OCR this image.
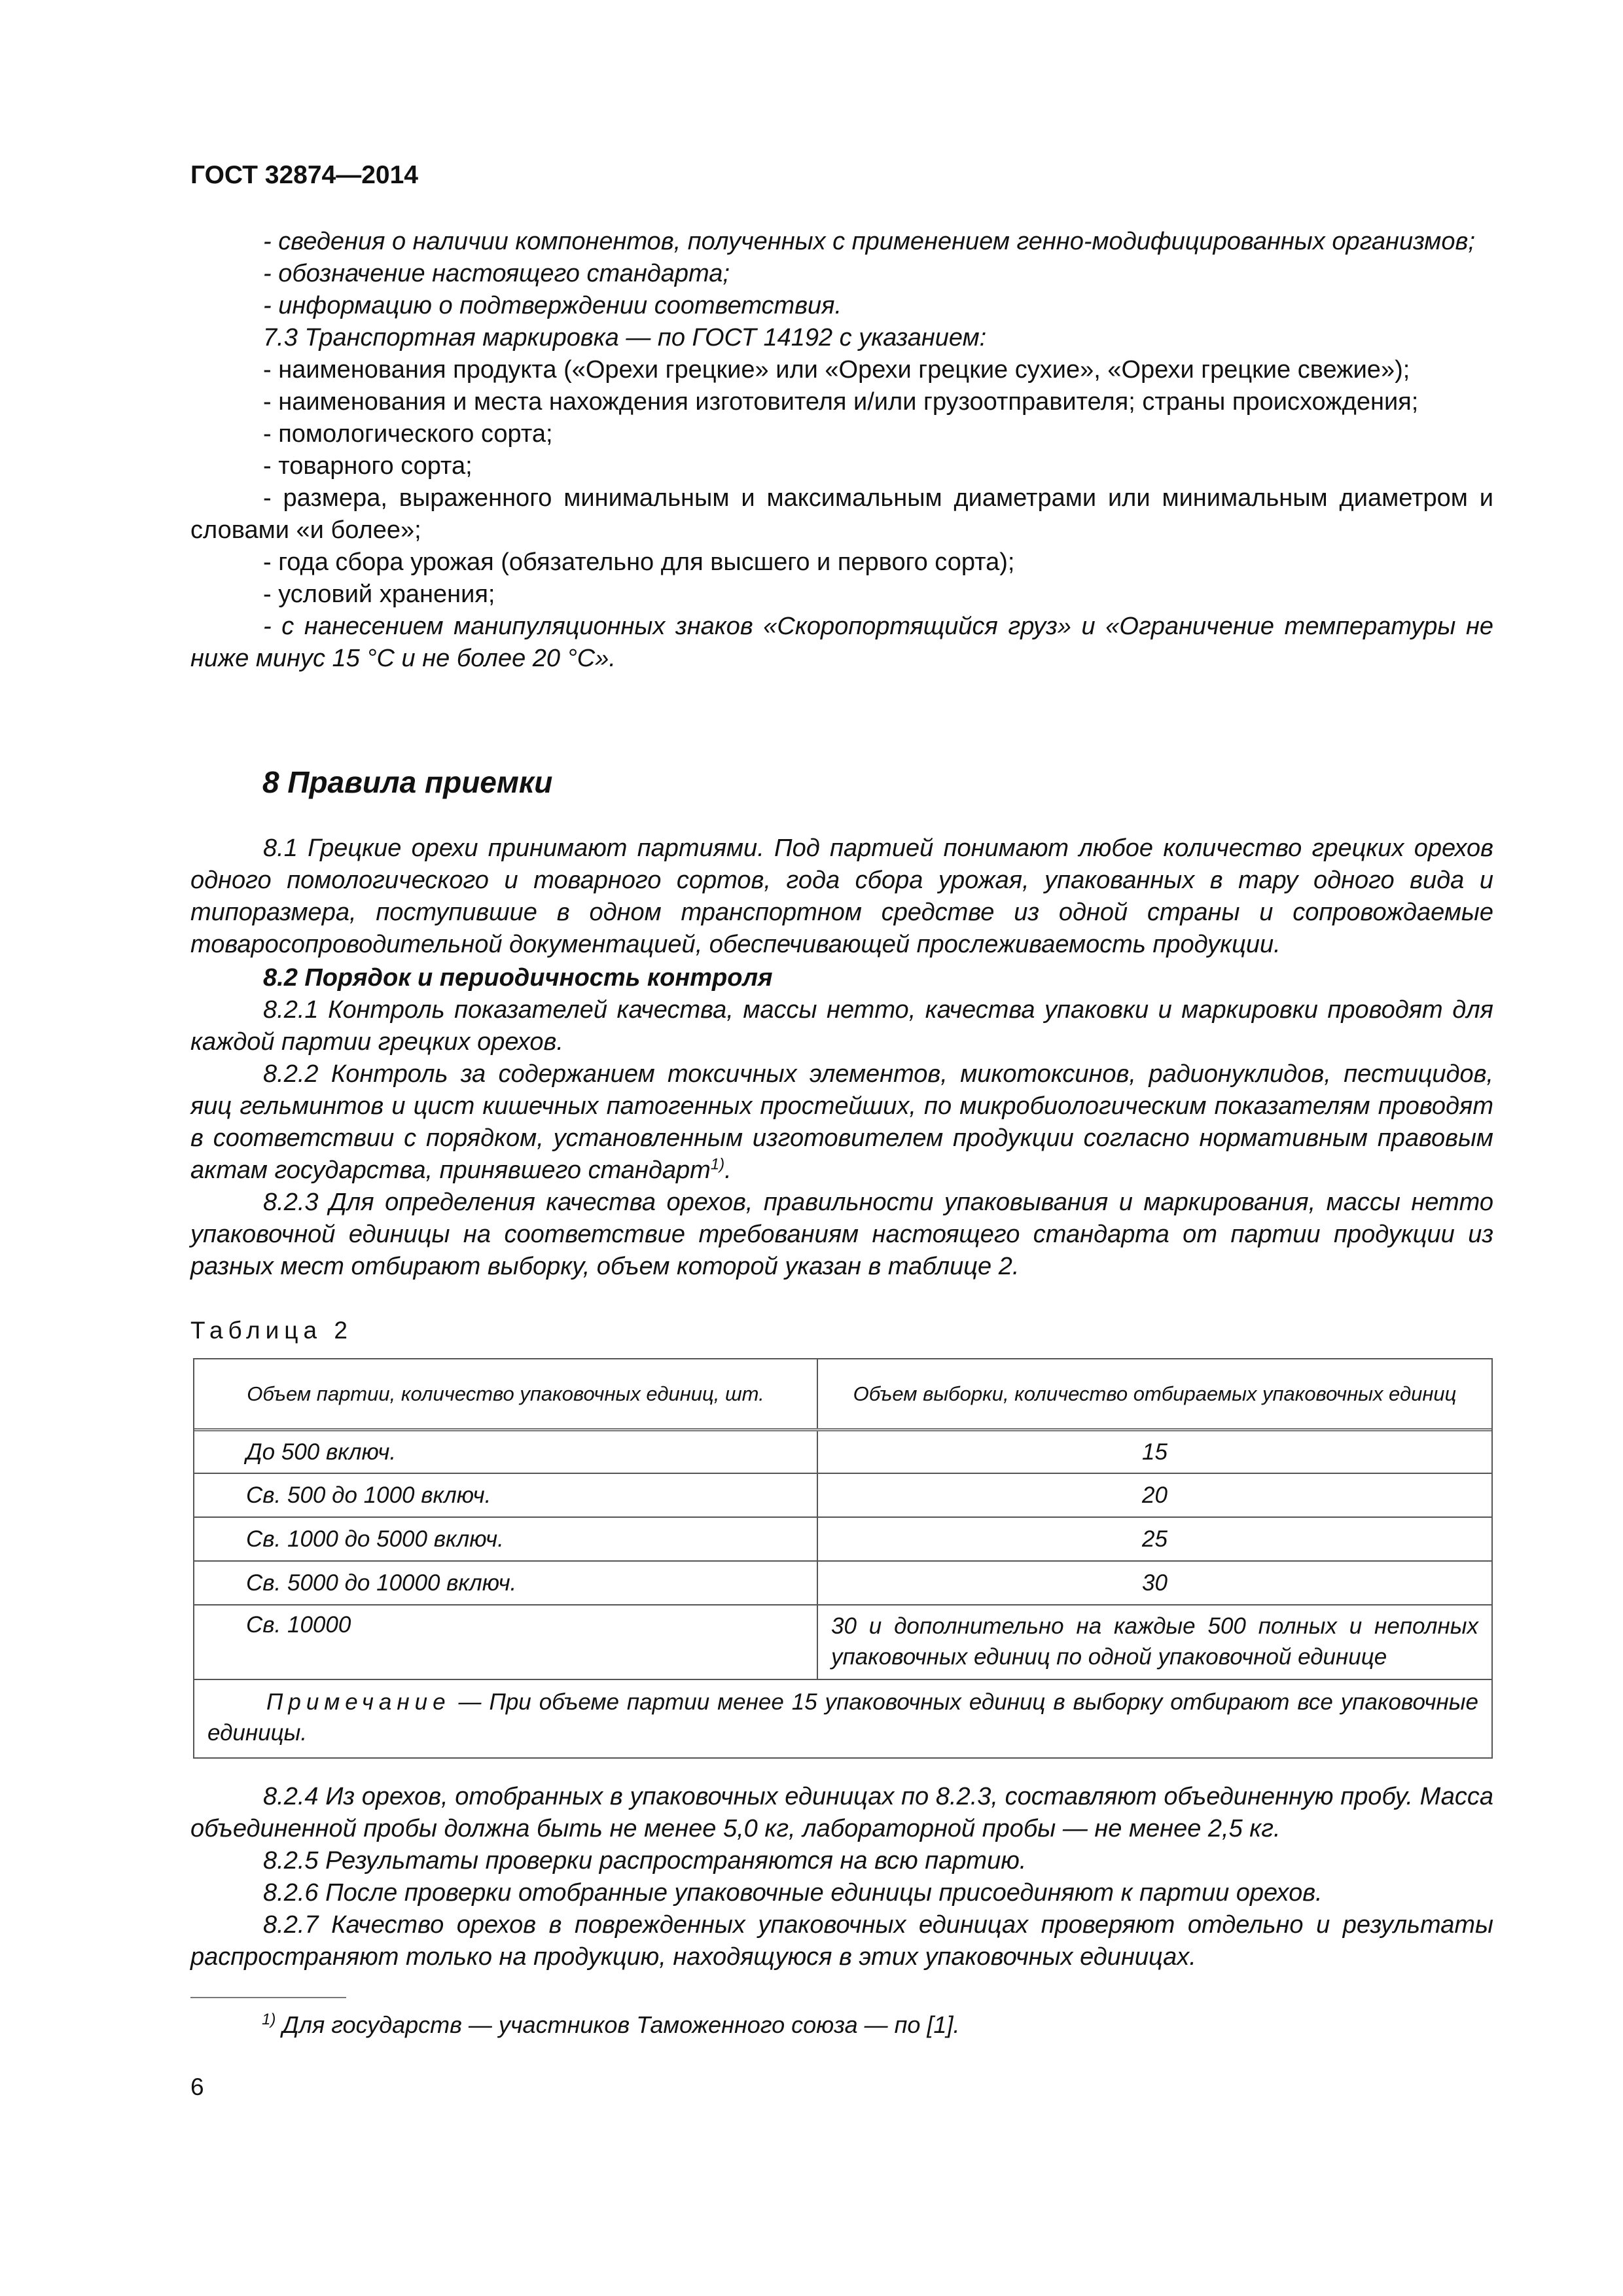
ГОСТ 32874—2014

- сведения о наличии компонентов, полученных с применением генно-модифицированных организмов;

- обозначение настоящего стандарта;

- информацию о подтверждении соответствия.

7.3 Транспортная маркировка — по ГОСТ 14192 с указанием:

- наименования продукта («Орехи грецкие» или «Орехи грецкие сухие», «Орехи грецкие свежие»);

- наименования и места нахождения изготовителя и/или грузоотправителя; страны происхождения;

- помологического сорта;

- товарного сорта;

- размера, выраженного минимальным и максимальным диаметрами или минимальным диаметром и словами «и более»;

- года сбора урожая (обязательно для высшего и первого сорта);

- условий хранения;

- с нанесением манипуляционных знаков «Скоропортящийся груз» и «Ограничение температуры не ниже минус 15 °С и не более 20 °С».

8 Правила приемки

8.1 Грецкие орехи принимают партиями. Под партией понимают любое количество грецких орехов одного помологического и товарного сортов, года сбора урожая, упакованных в тару одного вида и типоразмера, поступившие в одном транспортном средстве из одной страны и сопровождаемые товаросопроводительной документацией, обеспечивающей прослеживаемость продукции.

8.2 Порядок и периодичность контроля

8.2.1 Контроль показателей качества, массы нетто, качества упаковки и маркировки проводят для каждой партии грецких орехов.

8.2.2 Контроль за содержанием токсичных элементов, микотоксинов, радионуклидов, пестицидов, яиц гельминтов и цист кишечных патогенных простейших, по микробиологическим показателям проводят в соответствии с порядком, установленным изготовителем продукции согласно нормативным правовым актам государства, принявшего стандарт$^{1)}$.

8.2.3 Для определения качества орехов, правильности упаковывания и маркирования, массы нетто упаковочной единицы на соответствие требованиям настоящего стандарта от партии продукции из разных мест отбирают выборку, объем которой указан в таблице 2.

Таблица 2
Объем партии, количество упаковочных единиц, шт.	Объем выборки, количество отбираемых упаковочных единиц
До 500 включ.	15
Св. 500 до 1000 включ.	20
Св. 1000 до 5000 включ.	25
Св. 5000 до 10000 включ.	30
Св. 10000	30 и дополнительно на каждые 500 полных и неполных упаковочных единиц по одной упаковочной единице
Примечание — При объеме партии менее 15 упаковочных единиц в выборку отбирают все упаковочные единицы.

8.2.4 Из орехов, отобранных в упаковочных единицах по 8.2.3, составляют объединенную пробу. Масса объединенной пробы должна быть не менее 5,0 кг, лабораторной пробы — не менее 2,5 кг.

8.2.5 Результаты проверки распространяются на всю партию.

8.2.6 После проверки отобранные упаковочные единицы присоединяют к партии орехов.

8.2.7 Качество орехов в поврежденных упаковочных единицах проверяют отдельно и результаты распространяют только на продукцию, находящуюся в этих упаковочных единицах.

$^{1)}$ Для государств — участников Таможенного союза — по [1].
6
